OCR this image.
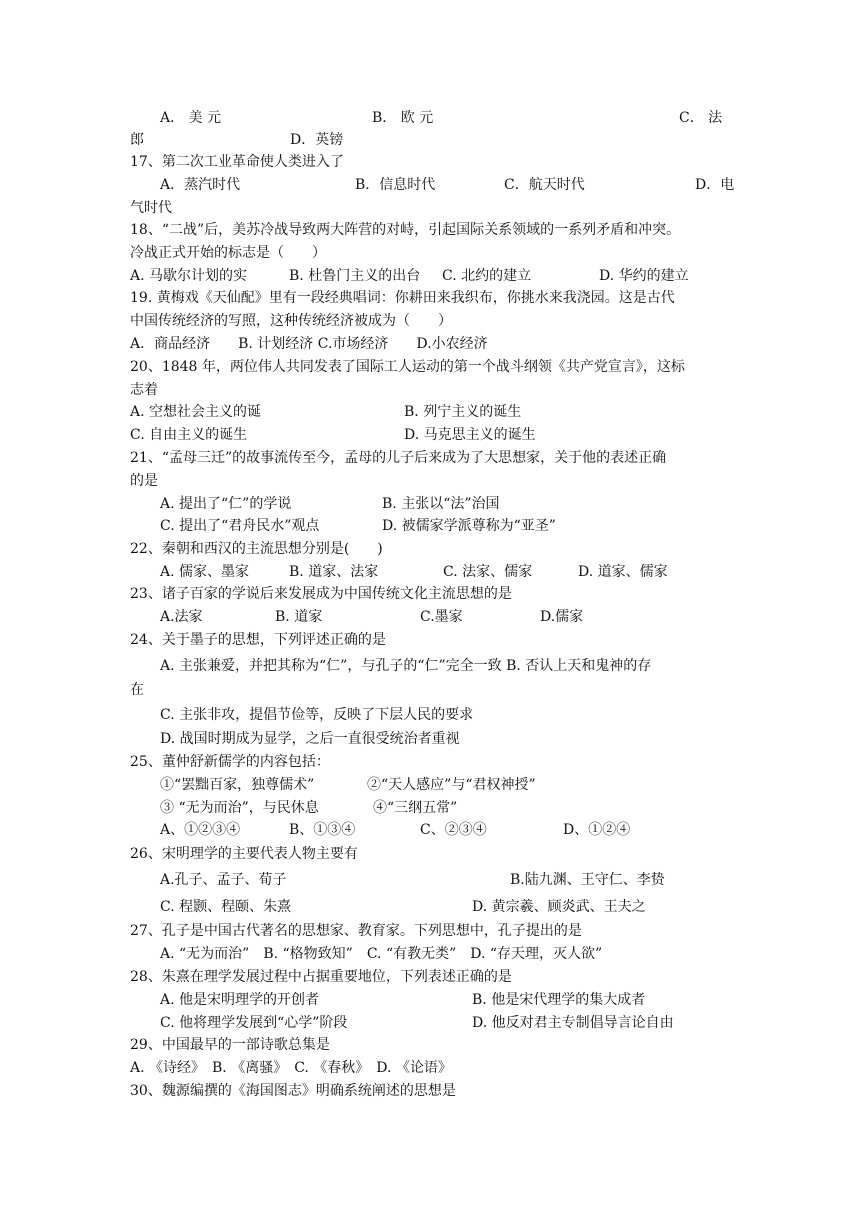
A． 美 元	B． 欧 元	C． 法
郎	D．英镑
17、第二次工业革命使人类进入了
A．蒸汽时代	B．信息时代	C．航天时代	D．电
气时代
18、“二战”后，美苏冷战导致两大阵营的对峙，引起国际关系领域的一系列矛盾和冲突。
冷战正式开始的标志是（　　）
A. 马歇尔计划的实	B. 杜鲁门主义的出台 C. 北约的建立	D. 华约的建立
19. 黄梅戏《天仙配》里有一段经典唱词：你耕田来我织布，你挑水来我浇园。这是古代
中国传统经济的写照，这种传统经济被成为（　　）
A．商品经济　　B. 计划经济 C.市场经济　　D.小农经济
20、1848 年，两位伟人共同发表了国际工人运动的第一个战斗纲领《共产党宣言》，这标
志着
A. 空想社会主义的诞	B. 列宁主义的诞生
C. 自由主义的诞生	D. 马克思主义的诞生
21、“孟母三迁”的故事流传至今，孟母的儿子后来成为了大思想家，关于他的表述正确
的是
A. 提出了“仁”的学说	B. 主张以“法”治国
C. 提出了“君舟民水”观点	D. 被儒家学派尊称为“亚圣”
22、秦朝和西汉的主流思想分别是(　　)
A. 儒家、墨家	B. 道家、法家	C. 法家、儒家	D. 道家、儒家
23、诸子百家的学说后来发展成为中国传统文化主流思想的是
A.法家	B. 道家	C.墨家	D.儒家
24、关于墨子的思想，下列评述正确的是
A. 主张兼爱，并把其称为“仁”，与孔子的“仁”完全一致 B. 否认上天和鬼神的存
在
C. 主张非攻，提倡节俭等，反映了下层人民的要求
D. 战国时期成为显学，之后一直很受统治者重视
25、董仲舒新儒学的内容包括：
①“罢黜百家，独尊儒术”	②“天人感应”与“君权神授”
③ “无为而治”，与民休息	④“三纲五常”
A、①②③④	B、①③④	C、②③④	D、①②④
26、宋明理学的主要代表人物主要有
A.孔子、孟子、荀子	B.陆九渊、王守仁、李贽
C. 程颢、程颐、朱熹	D. 黄宗羲、顾炎武、王夫之
27、孔子是中国古代著名的思想家、教育家。下列思想中，孔子提出的是
A. “无为而治”　B. “格物致知”　C. “有教无类”　D. “存天理，灭人欲”
28、朱熹在理学发展过程中占据重要地位，下列表述正确的是
A. 他是宋明理学的开创者	B. 他是宋代理学的集大成者
C. 他将理学发展到“心学”阶段	D. 他反对君主专制倡导言论自由
29、中国最早的一部诗歌总集是
A. 《诗经》　B. 《离骚》　C. 《春秋》　D. 《论语》
30、魏源编撰的《海国图志》明确系统阐述的思想是
